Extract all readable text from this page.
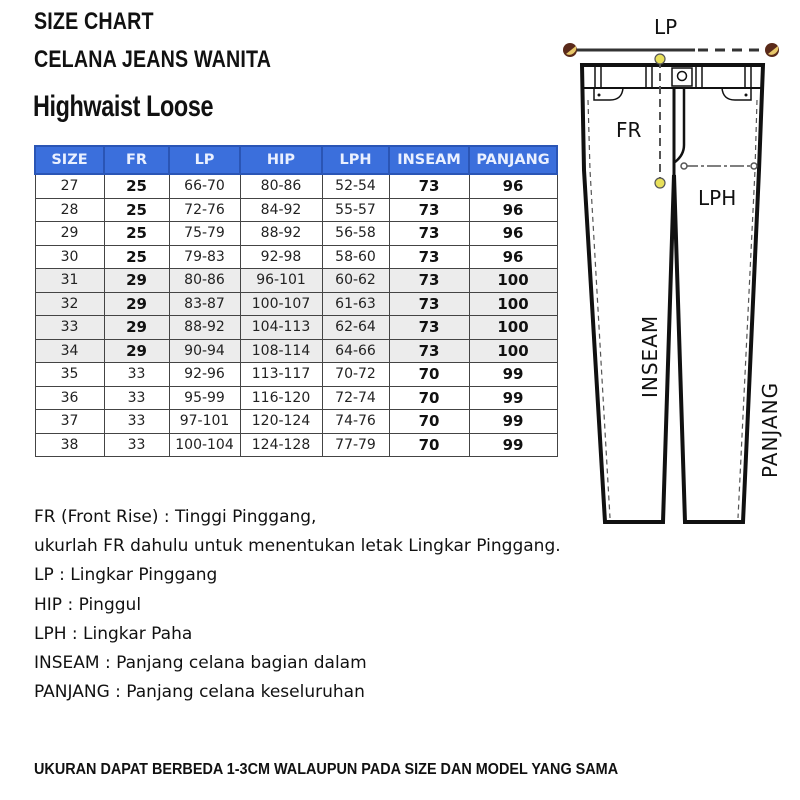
SIZE CHART
CELANA JEANS WANITA
Highwaist Loose
SIZE	FR	LP	HIP	LPH	INSEAM	PANJANG
27	25	66-70	80-86	52-54	73	96
28	25	72-76	84-92	55-57	73	96
29	25	75-79	88-92	56-58	73	96
30	25	79-83	92-98	58-60	73	96
31	29	80-86	96-101	60-62	73	100
32	29	83-87	100-107	61-63	73	100
33	29	88-92	104-113	62-64	73	100
34	29	90-94	108-114	64-66	73	100
35	33	92-96	113-117	70-72	70	99
36	33	95-99	116-120	72-74	70	99
37	33	97-101	120-124	74-76	70	99
38	33	100-104	124-128	77-79	70	99
FR (Front Rise) : Tinggi Pinggang,
ukurlah FR dahulu untuk menentukan letak Lingkar Pinggang.
LP : Lingkar Pinggang
HIP : Pinggul
LPH : Lingkar Paha
INSEAM : Panjang celana bagian dalam
PANJANG : Panjang celana keseluruhan
LP
FR
LPH
INSEAM
PANJANG
UKURAN DAPAT BERBEDA 1-3CM WALAUPUN PADA SIZE DAN MODEL YANG SAMA
